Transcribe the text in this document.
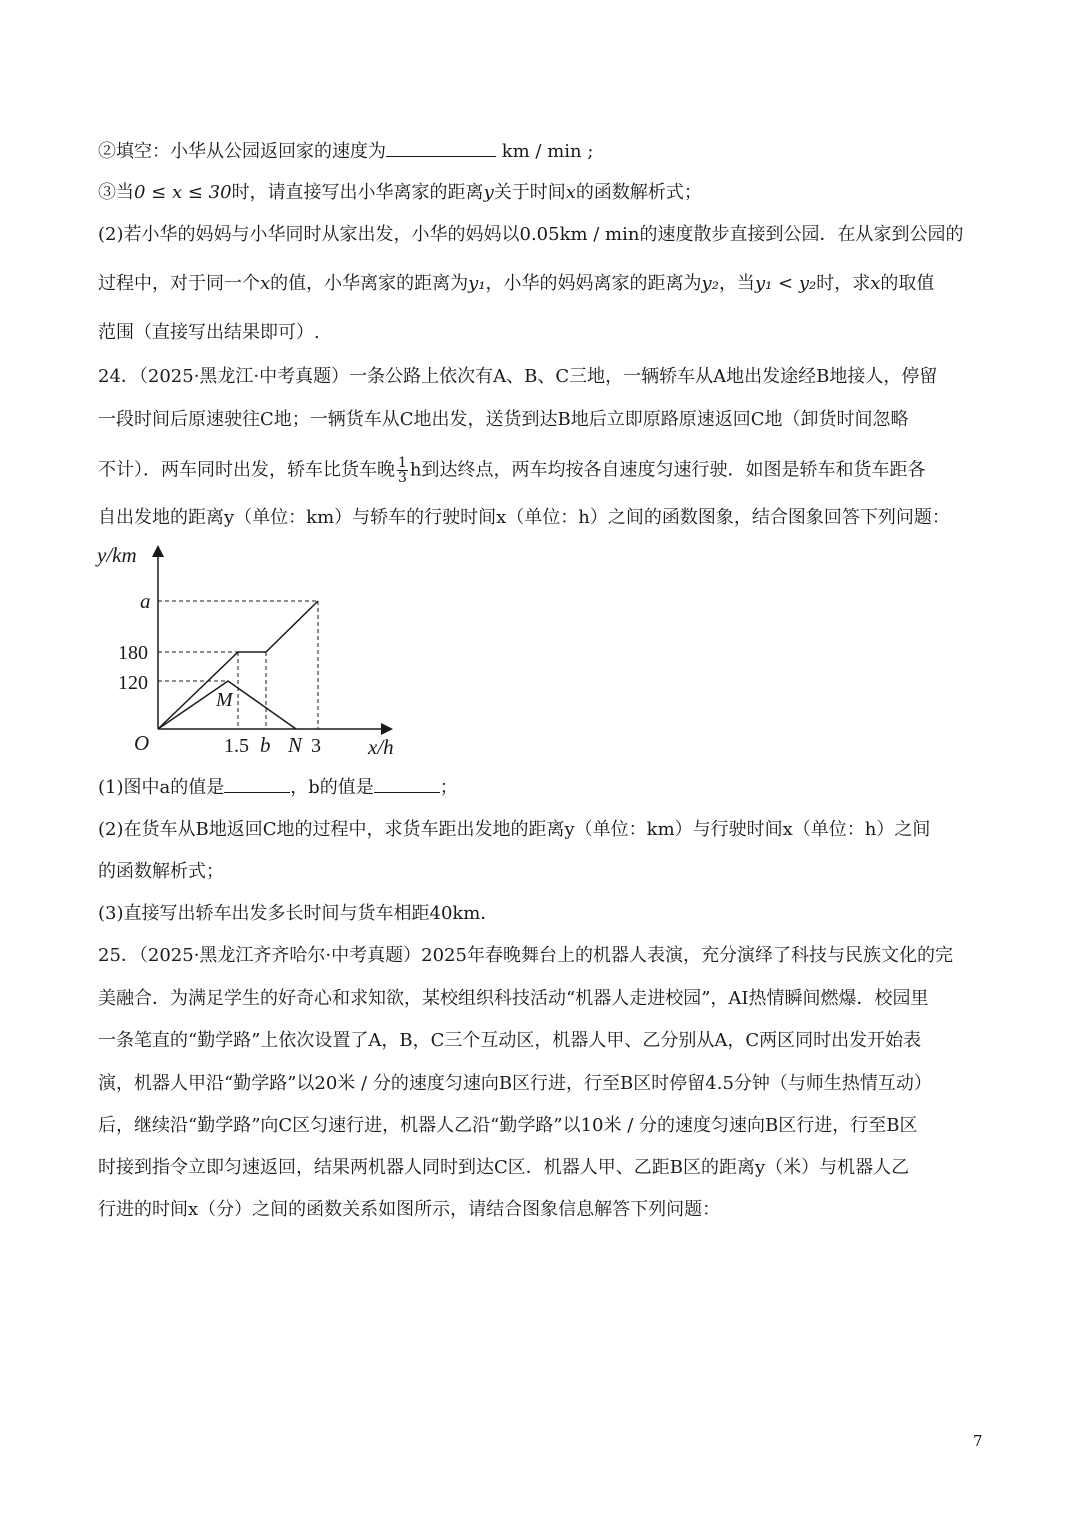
②填空：小华从公园返回家的速度为	km / min ;
③当0 ≤ x ≤ 30时，请直接写出小华离家的距离y关于时间x的函数解析式；
(2)若小华的妈妈与小华同时从家出发，小华的妈妈以0.05km / min的速度散步直接到公园．在从家到公园的
过程中，对于同一个x的值，小华离家的距离为y₁，小华的妈妈离家的距离为y₂，当y₁ < y₂时，求x的取值
范围（直接写出结果即可）.
24．（2025·黑龙江·中考真题）一条公路上依次有A、B、C三地，一辆轿车从A地出发途经B地接人，停留
一段时间后原速驶往C地；一辆货车从C地出发，送货到达B地后立即原路原速返回C地（卸货时间忽略
不计）．两车同时出发，轿车比货车晚 $\frac{1}{3}$ h到达终点，两车均按各自速度匀速行驶．如图是轿车和货车距各
自出发地的距离y（单位：km）与轿车的行驶时间x（单位：h）之间的函数图象，结合图象回答下列问题：
y/km
x/h
O
a
180
120
1.5 b N 3
M
(1)图中a的值是	，b的值是	；
(2)在货车从B地返回C地的过程中，求货车距出发地的距离y（单位：km）与行驶时间x（单位：h）之间
的函数解析式；
(3)直接写出轿车出发多长时间与货车相距40km．
25．（2025·黑龙江齐齐哈尔·中考真题）2025年春晚舞台上的机器人表演，充分演绎了科技与民族文化的完
美融合．为满足学生的好奇心和求知欲，某校组织科技活动“机器人走进校园”，AI热情瞬间燃爆．校园里
一条笔直的“勤学路”上依次设置了A，B，C三个互动区，机器人甲、乙分别从A，C两区同时出发开始表
演，机器人甲沿“勤学路”以20米 / 分的速度匀速向B区行进，行至B区时停留4.5分钟（与师生热情互动）
后，继续沿“勤学路”向C区匀速行进，机器人乙沿“勤学路”以10米 / 分的速度匀速向B区行进，行至B区
时接到指令立即匀速返回，结果两机器人同时到达C区．机器人甲、乙距B区的距离y（米）与机器人乙
行进的时间x（分）之间的函数关系如图所示，请结合图象信息解答下列问题：
7
